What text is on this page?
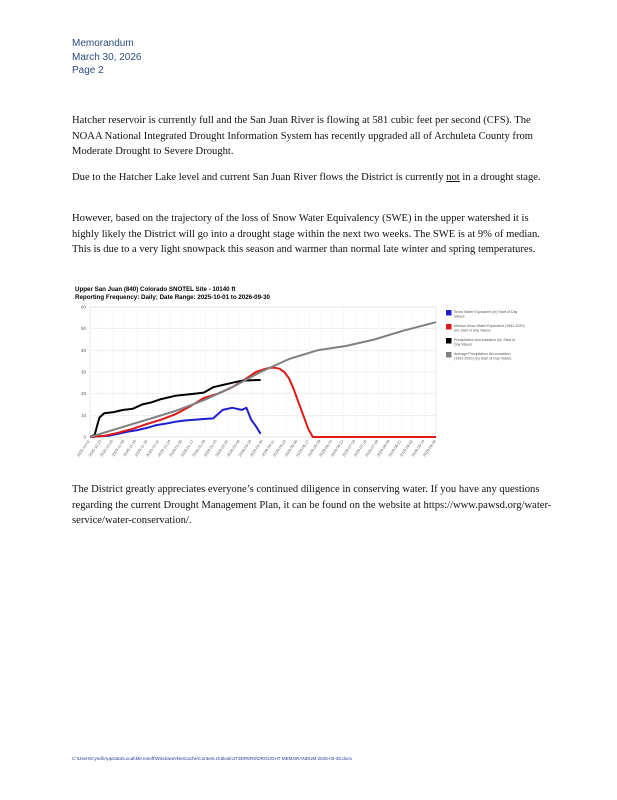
Memorandum
March 30, 2026
Page 2
Hatcher reservoir is currently full and the San Juan River is flowing at 581 cubic feet per second (CFS). The NOAA National Integrated Drought Information System has recently upgraded all of Archuleta County from Moderate Drought to Severe Drought.
Due to the Hatcher Lake level and current San Juan River flows the District is currently not in a drought stage.
However, based on the trajectory of the loss of Snow Water Equivalency (SWE) in the upper watershed it is highly likely the District will go into a drought stage within the next two weeks. The SWE is at 9% of median. This is due to a very light snowpack this season and warmer than normal late winter and spring temperatures.
Upper San Juan (840) Colorado SNOTEL Site - 10140 ft
Reporting Frequency: Daily; Date Range: 2025-10-01 to 2026-09-30
0
10
20
30
40
50
60
2025-10-01
2025-10-13
2025-10-25
2025-11-06
2025-11-18
2025-11-30
2025-12-12
2025-12-24
2026-01-05
2026-01-17
2026-01-29
2026-02-10
2026-02-22
2026-03-06
2026-03-18
2026-03-30
2026-04-11
2026-04-23
2026-05-05
2026-05-17
2026-05-29
2026-06-10
2026-06-22
2026-07-04
2026-07-16
2026-07-28
2026-08-09
2026-08-21
2026-09-02
2026-09-14
2026-09-26
Snow Water Equivalent (in) Start of Day Values
Median Snow Water Equivalent (1991-2020) (in) Start of Day Values
Precipitation Accumulation (in) Start of Day Values
Average Precipitation Accumulation (1991-2020) (in) Start of Day Values
The District greatly appreciates everyone’s continued diligence in conserving water. If you have any questions regarding the current Drought Management Plan, it can be found on the website at https://www.pawsd.org/water-service/water-conservation/.
C:\Users\Cyndi\AppData\Local\Microsoft\Windows\INetCache\Content.Outlook\JT3DR5RS\DROUGHT MEMORANDUM 2026-03-30.docx
